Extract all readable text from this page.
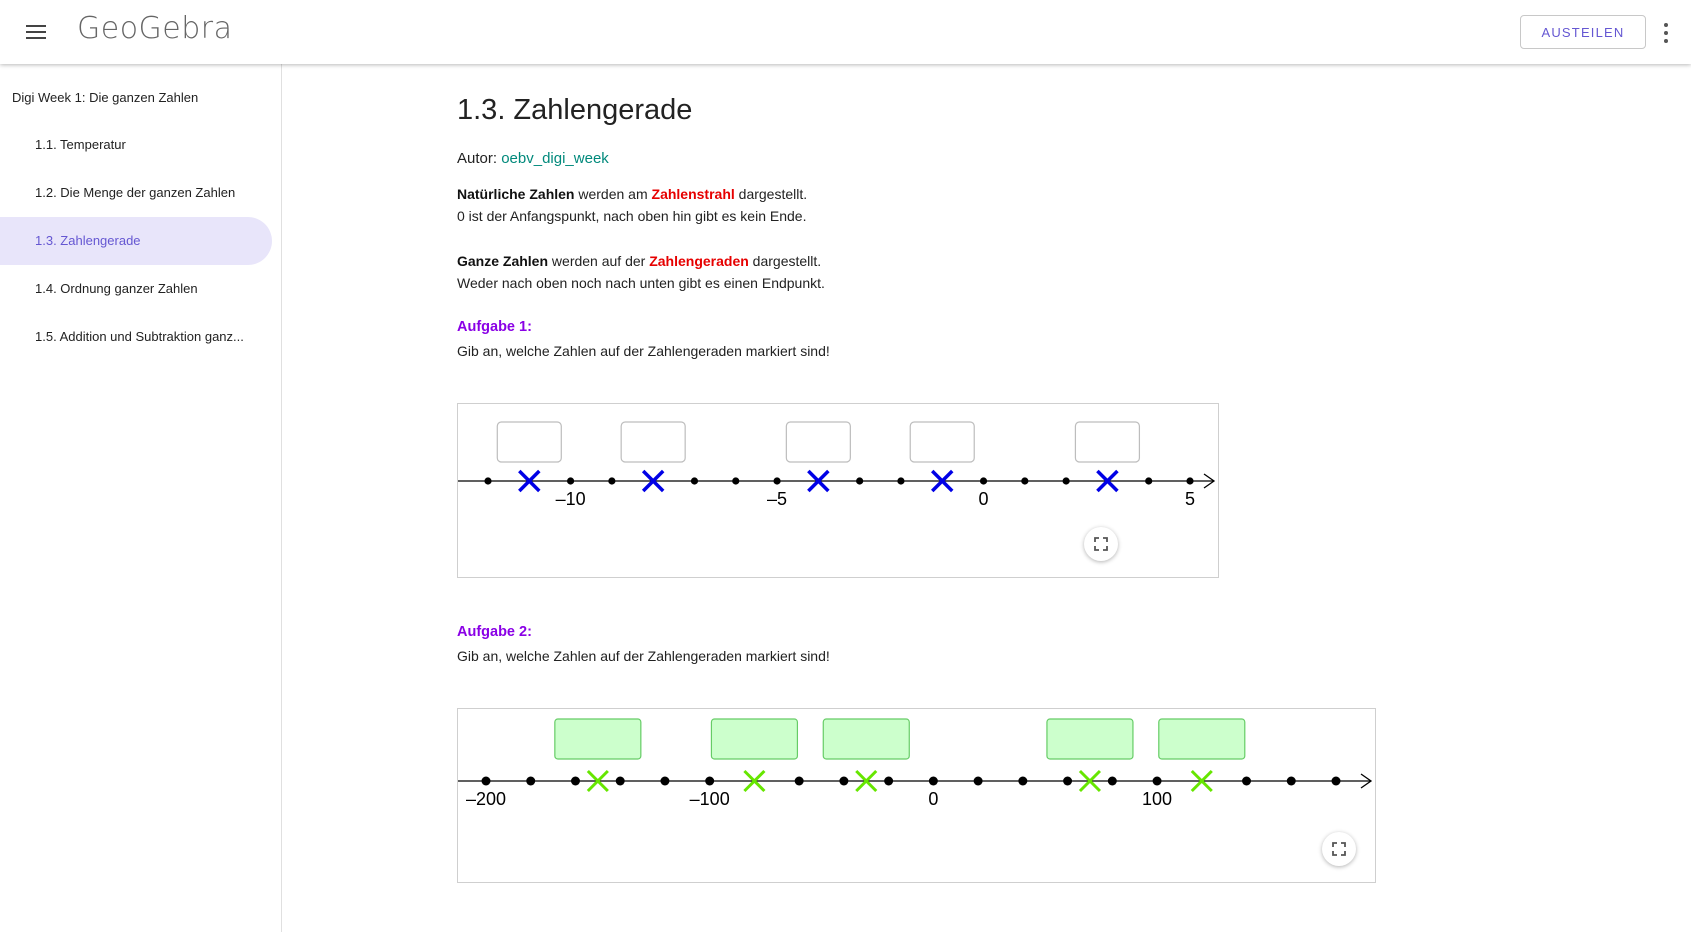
GeoGebra	AUSTEILEN
Digi Week 1: Die ganzen Zahlen
1.1. Temperatur
1.2. Die Menge der ganzen Zahlen
1.3. Zahlengerade
1.4. Ordnung ganzer Zahlen
1.5. Addition und Subtraktion ganz...
1.3. Zahlengerade
Autor: oebv_digi_week
Natürliche Zahlen werden am Zahlenstrahl dargestellt.
0 ist der Anfangspunkt, nach oben hin gibt es kein Ende.
Ganze Zahlen werden auf der Zahlengeraden dargestellt.
Weder nach oben noch nach unten gibt es einen Endpunkt.
Aufgabe 1:
Gib an, welche Zahlen auf der Zahlengeraden markiert sind!
Aufgabe 2:
Gib an, welche Zahlen auf der Zahlengeraden markiert sind!
–10	–5	0	5
–200	–100	0	100
